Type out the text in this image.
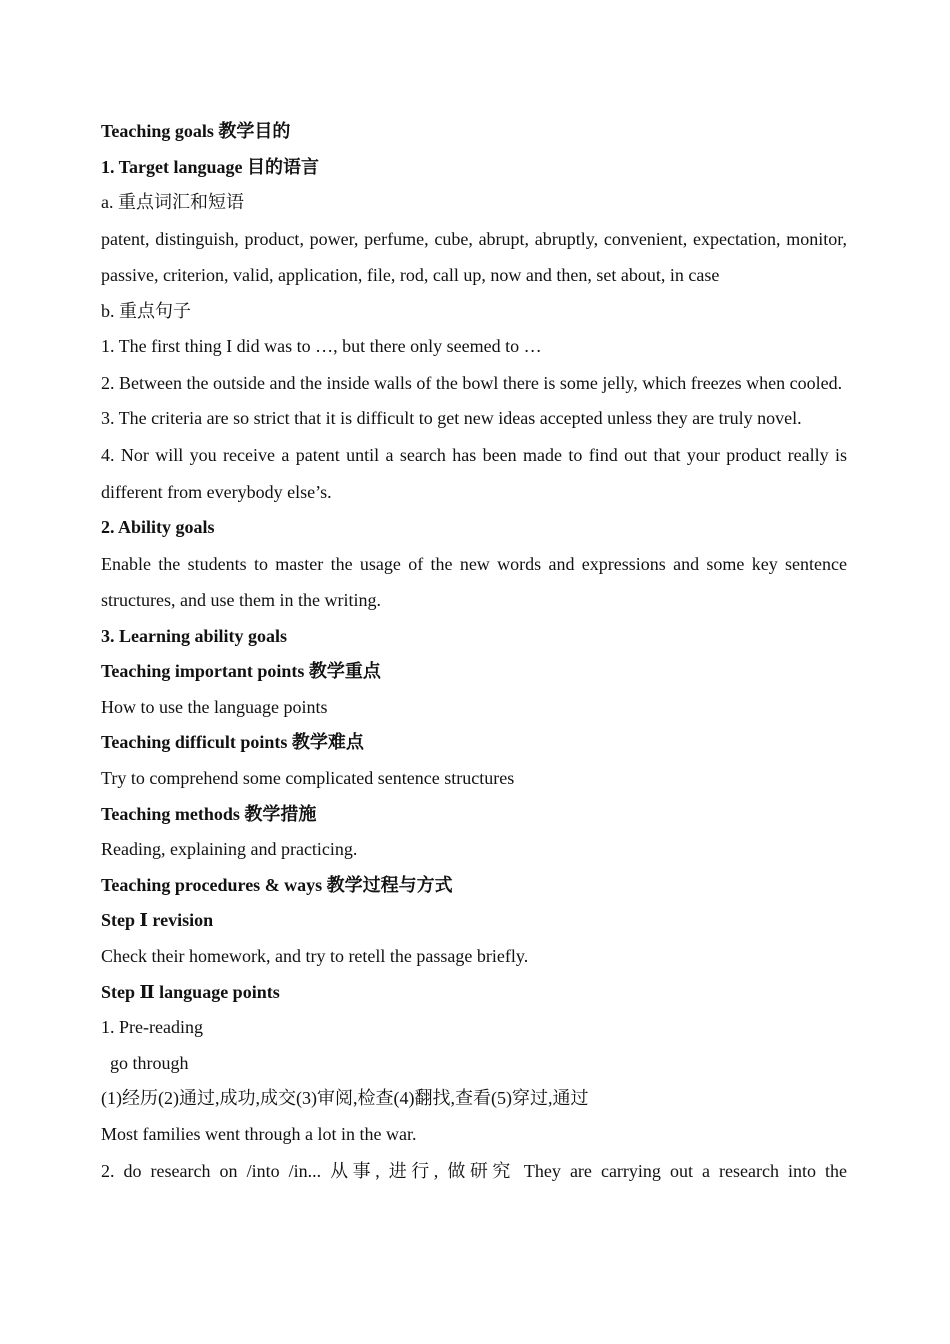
Teaching goals 教学目的
1. Target language 目的语言
a. 重点词汇和短语
patent, distinguish, product, power, perfume, cube, abrupt, abruptly, convenient, expectation, monitor, passive, criterion, valid, application, file, rod, call up, now and then, set about, in case
b. 重点句子
1. The first thing I did was to …, but there only seemed to …
2. Between the outside and the inside walls of the bowl there is some jelly, which freezes when cooled.
3. The criteria are so strict that it is difficult to get new ideas accepted unless they are truly novel.
4. Nor will you receive a patent until a search has been made to find out that your product really is different from everybody else’s.
2. Ability goals
Enable the students to master the usage of the new words and expressions and some key sentence structures, and use them in the writing.
3. Learning ability goals
Teaching important points 教学重点
How to use the language points
Teaching difficult points 教学难点
Try to comprehend some complicated sentence structures
Teaching methods 教学措施
Reading, explaining and practicing.
Teaching procedures & ways 教学过程与方式
Step Ⅰ revision
Check their homework, and try to retell the passage briefly.
Step Ⅱ language points
1. Pre-reading
go through
(1)经历(2)通过,成功,成交(3)审阅,检查(4)翻找,查看(5)穿过,通过
Most families went through a lot in the war.
2. do research on /into /in... 从事, 进行, 做研究 They are carrying out a research into the
